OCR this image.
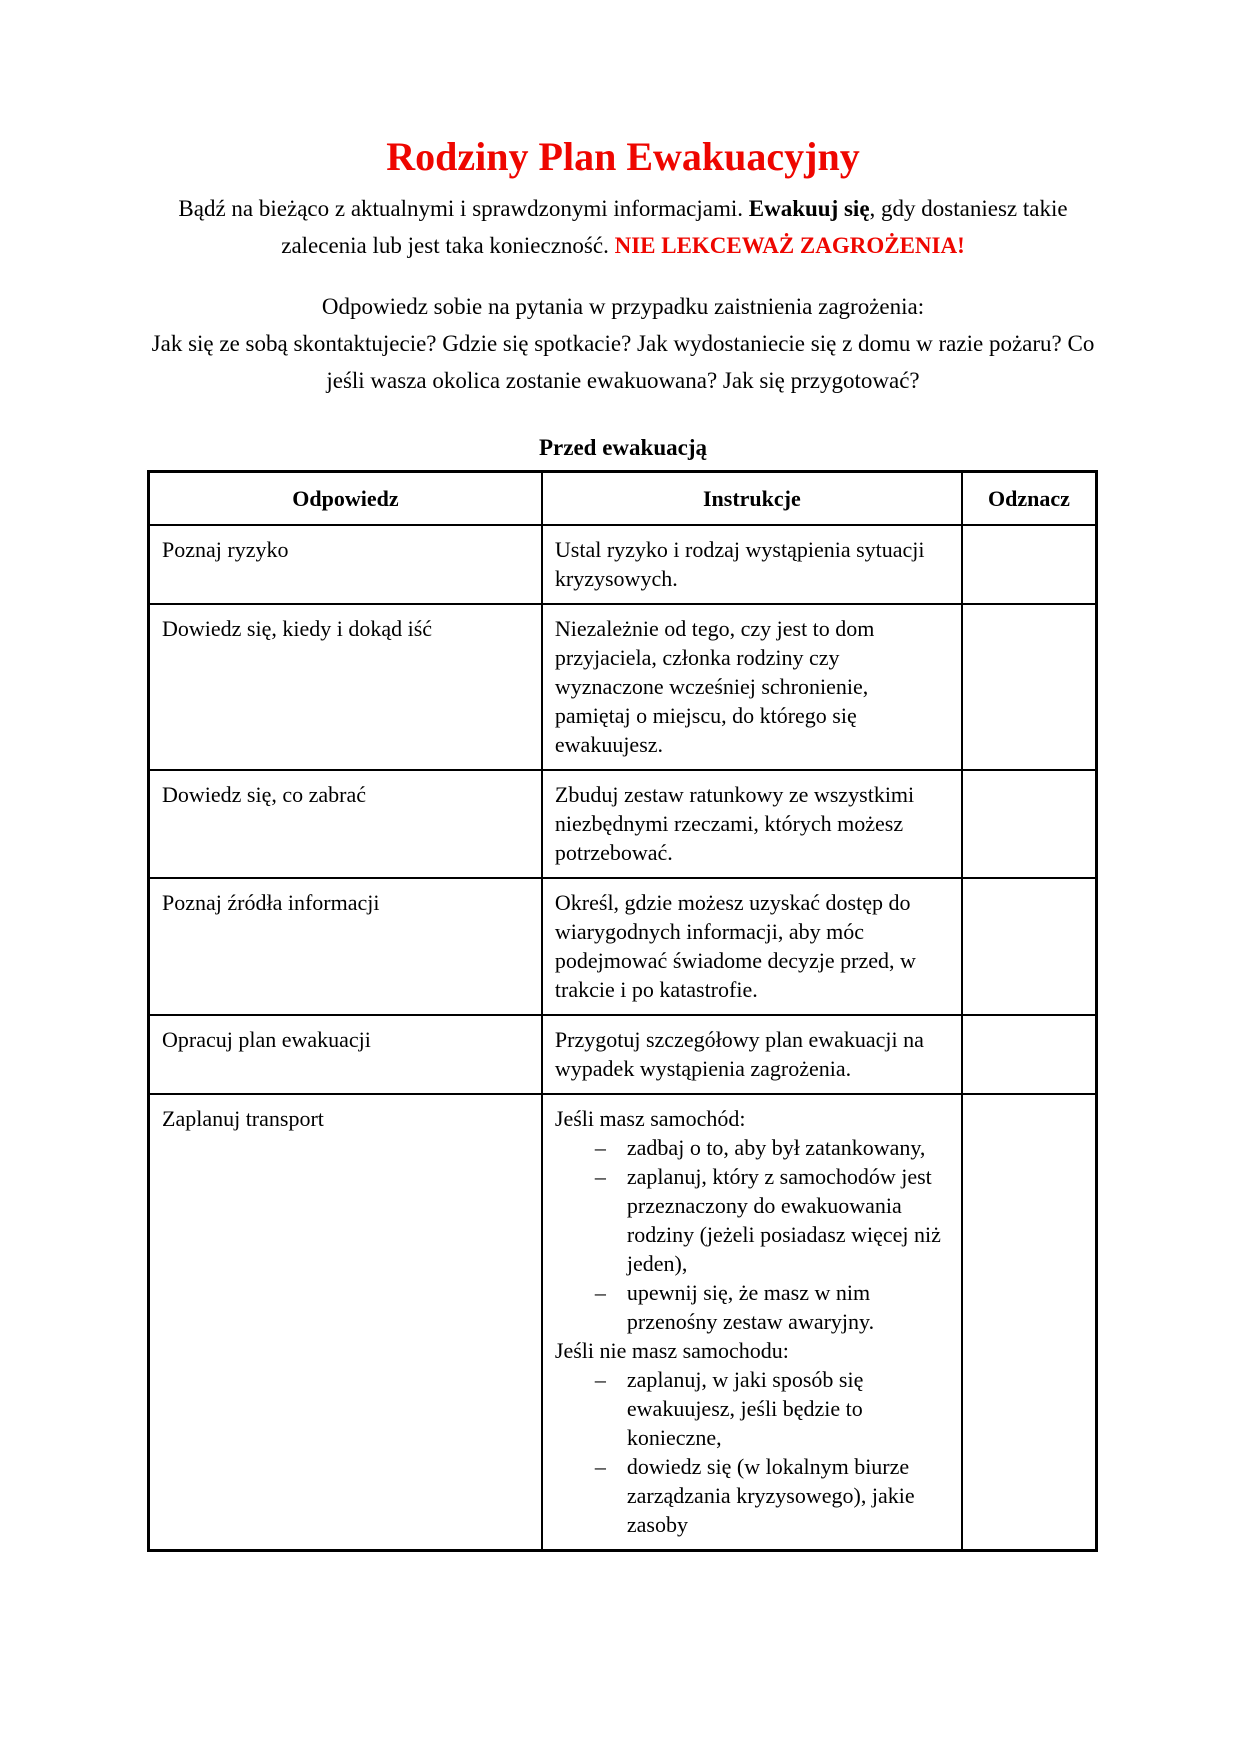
Rodziny Plan Ewakuacyjny

Bądź na bieżąco z aktualnymi i sprawdzonymi informacjami. Ewakuuj się, gdy dostaniesz takie zalecenia lub jest taka konieczność. NIE LEKCEWAŻ ZAGROŻENIA!

Odpowiedz sobie na pytania w przypadku zaistnienia zagrożenia:
Jak się ze sobą skontaktujecie? Gdzie się spotkacie? Jak wydostaniecie się z domu w razie pożaru? Co jeśli wasza okolica zostanie ewakuowana? Jak się przygotować?

Przed ewakuacją
Odpowiedz	Instrukcje	Odznacz
Poznaj ryzyko	Ustal ryzyko i rodzaj wystąpienia sytuacji kryzysowych.	

Dowiedz się, kiedy i dokąd iść	Niezależnie od tego, czy jest to dom przyjaciela, członka rodziny czy wyznaczone wcześniej schronienie, pamiętaj o miejscu, do którego się ewakuujesz.	

Dowiedz się, co zabrać	Zbuduj zestaw ratunkowy ze wszystkimi niezbędnymi rzeczami, których możesz potrzebować.	

Poznaj źródła informacji	Określ, gdzie możesz uzyskać dostęp do wiarygodnych informacji, aby móc podejmować świadome decyzje przed, w trakcie i po katastrofie.	

Opracuj plan ewakuacji	Przygotuj szczegółowy plan ewakuacji na wypadek wystąpienia zagrożenia.	

Zaplanuj transport	Jeśli masz samochód:
– zadbaj o to, aby był zatankowany,
– zaplanuj, który z samochodów jest przeznaczony do ewakuowania rodziny (jeżeli posiadasz więcej niż jeden),
– upewnij się, że masz w nim przenośny zestaw awaryjny.
Jeśli nie masz samochodu:
– zaplanuj, w jaki sposób się ewakuujesz, jeśli będzie to konieczne,
– dowiedz się (w lokalnym biurze zarządzania kryzysowego), jakie zasoby
